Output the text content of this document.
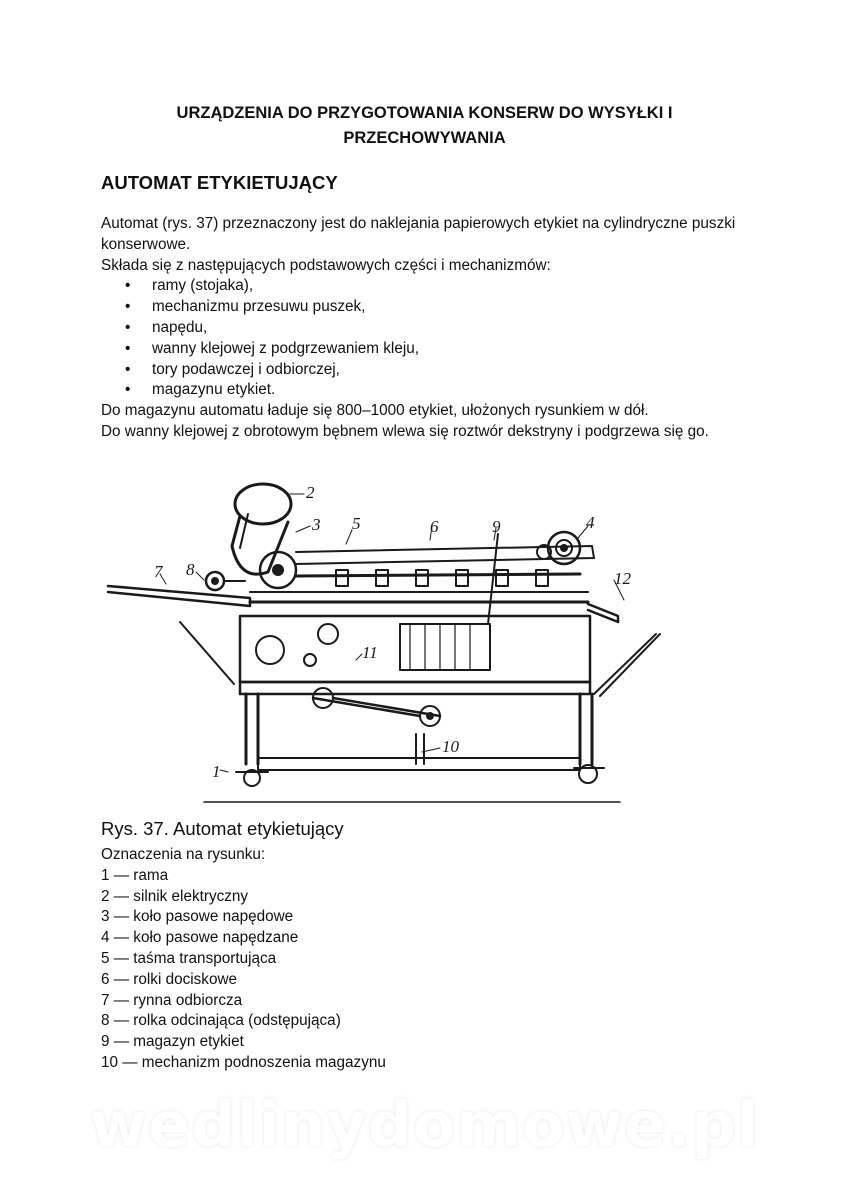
URZĄDZENIA DO PRZYGOTOWANIA KONSERW DO WYSYŁKI I PRZECHOWYWANIA
AUTOMAT ETYKIETUJĄCY

Automat (rys. 37) przeznaczony jest do naklejania papierowych etykiet na cylindryczne puszki konserwowe.

Składa się z następujących podstawowych części i mechanizmów:

• ramy (stojaka),
• mechanizmu przesuwu puszek,
• napędu,
• wanny klejowej z podgrzewaniem kleju,
• tory podawczej i odbiorczej,
• magazynu etykiet.

Do magazynu automatu ładuje się 800–1000 etykiet, ułożonych rysunkiem w dół.

Do wanny klejowej z obrotowym bębnem wlewa się roztwór dekstryny i podgrzewa się go.

2
3 5	6	9	4
7 8
1
10
11
12
Rys. 37. Automat etykietujący

Oznaczenia na rysunku:

1 — rama
2 — silnik elektryczny
3 — koło pasowe napędowe
4 — koło pasowe napędzane
5 — taśma transportująca
6 — rolki dociskowe
7 — rynna odbiorcza
8 — rolka odcinająca (odstępująca)
9 — magazyn etykiet
10 — mechanizm podnoszenia magazynu
wedlinydomowe.pl
